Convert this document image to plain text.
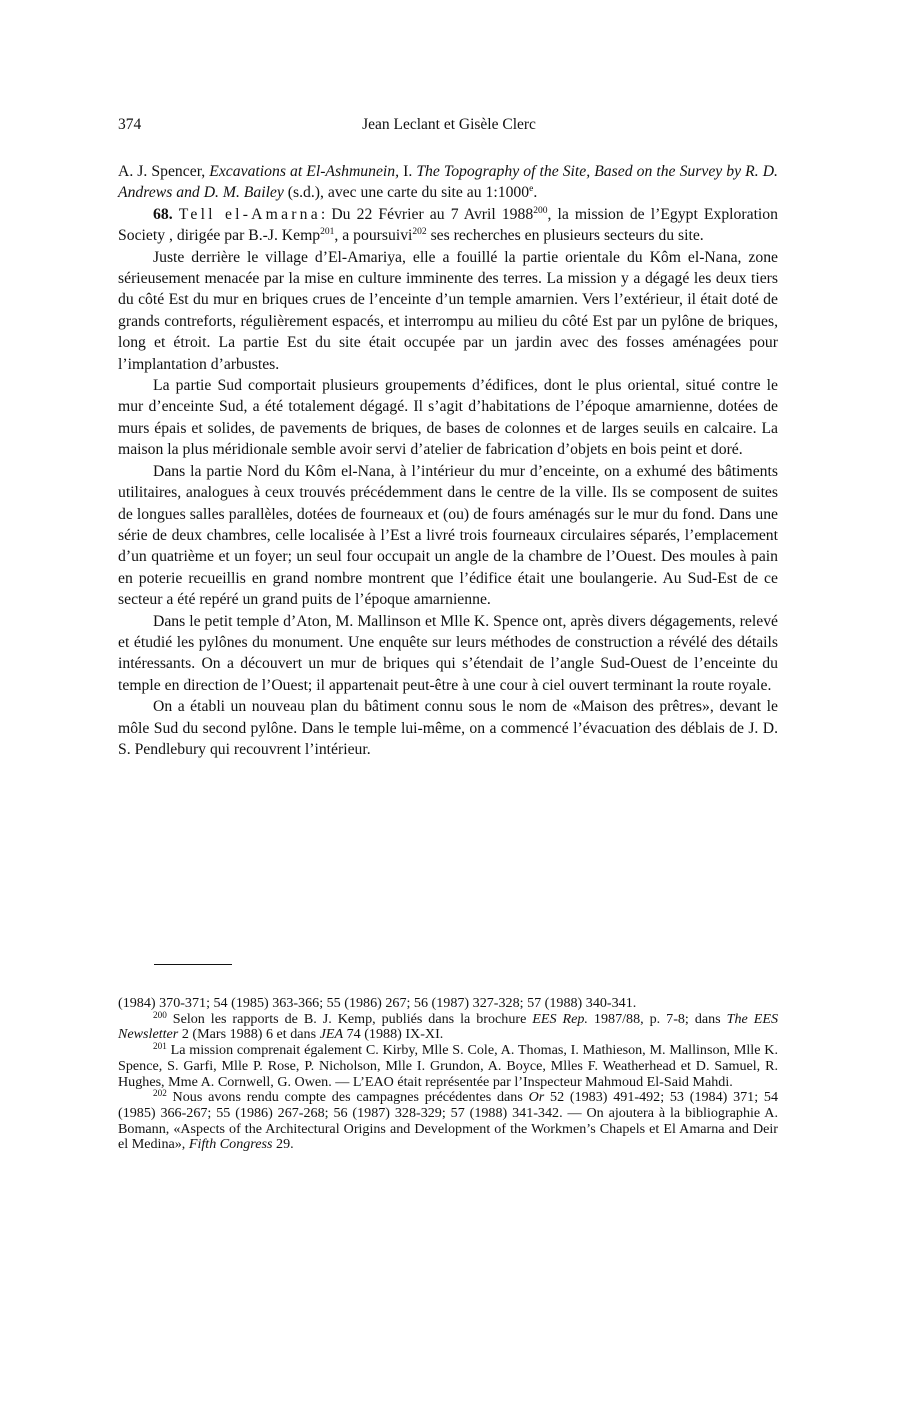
374	Jean Leclant et Gisèle Clerc

A. J. Spencer, Excavations at El-Ashmunein, I. The Topography of the Site, Based on the Survey by R. D. Andrews and D. M. Bailey (s.d.), avec une carte du site au 1:1000e.

68. Tell el-Amarna: Du 22 Février au 7 Avril 1988$^{200}$, la mission de l’Egypt Exploration Society , dirigée par B.-J. Kemp$^{201}$, a poursuivi$^{202}$ ses recherches en plusieurs secteurs du site.

Juste derrière le village d’El-Amariya, elle a fouillé la partie orientale du Kôm el-Nana, zone sérieusement menacée par la mise en culture imminente des terres. La mission y a dégagé les deux tiers du côté Est du mur en briques crues de l’enceinte d’un temple amarnien. Vers l’extérieur, il était doté de grands contreforts, régulièrement espacés, et interrompu au milieu du côté Est par un pylône de briques, long et étroit. La partie Est du site était occupée par un jardin avec des fosses aménagées pour l’implantation d’arbustes.

La partie Sud comportait plusieurs groupements d’édifices, dont le plus oriental, situé contre le mur d’enceinte Sud, a été totalement dégagé. Il s’agit d’habitations de l’époque amarnienne, dotées de murs épais et solides, de pavements de briques, de bases de colonnes et de larges seuils en calcaire. La maison la plus méridionale semble avoir servi d’atelier de fabrication d’objets en bois peint et doré.

Dans la partie Nord du Kôm el-Nana, à l’intérieur du mur d’enceinte, on a exhumé des bâtiments utilitaires, analogues à ceux trouvés précédemment dans le centre de la ville. Ils se composent de suites de longues salles parallèles, dotées de fourneaux et (ou) de fours aménagés sur le mur du fond. Dans une série de deux chambres, celle localisée à l’Est a livré trois fourneaux circulaires séparés, l’emplacement d’un quatrième et un foyer; un seul four occupait un angle de la chambre de l’Ouest. Des moules à pain en poterie recueillis en grand nombre montrent que l’édifice était une boulangerie. Au Sud-Est de ce secteur a été repéré un grand puits de l’époque amarnienne.

Dans le petit temple d’Aton, M. Mallinson et Mlle K. Spence ont, après divers dégagements, relevé et étudié les pylônes du monument. Une enquête sur leurs méthodes de construction a révélé des détails intéressants. On a découvert un mur de briques qui s’étendait de l’angle Sud-Ouest de l’enceinte du temple en direction de l’Ouest; il appartenait peut-être à une cour à ciel ouvert terminant la route royale.

On a établi un nouveau plan du bâtiment connu sous le nom de «Maison des prêtres», devant le môle Sud du second pylône. Dans le temple lui-même, on a commencé l’évacuation des déblais de J. D. S. Pendlebury qui recouvrent l’intérieur.

(1984) 370-371; 54 (1985) 363-366; 55 (1986) 267; 56 (1987) 327-328; 57 (1988) 340-341.

$^{200}$ Selon les rapports de B. J. Kemp, publiés dans la brochure EES Rep. 1987/88, p. 7-8; dans The EES Newsletter 2 (Mars 1988) 6 et dans JEA 74 (1988) IX-XI.

$^{201}$ La mission comprenait également C. Kirby, Mlle S. Cole, A. Thomas, I. Mathieson, M. Mallinson, Mlle K. Spence, S. Garfi, Mlle P. Rose, P. Nicholson, Mlle I. Grundon, A. Boyce, Mlles F. Weatherhead et D. Samuel, R. Hughes, Mme A. Cornwell, G. Owen. — L’EAO était représentée par l’Inspecteur Mahmoud El-Said Mahdi.

$^{202}$ Nous avons rendu compte des campagnes précédentes dans Or 52 (1983) 491-492; 53 (1984) 371; 54 (1985) 366-267; 55 (1986) 267-268; 56 (1987) 328-329; 57 (1988) 341-342. — On ajoutera à la bibliographie A. Bomann, «Aspects of the Architectural Origins and Development of the Workmen’s Chapels et El Amarna and Deir el Medina», Fifth Congress 29.
